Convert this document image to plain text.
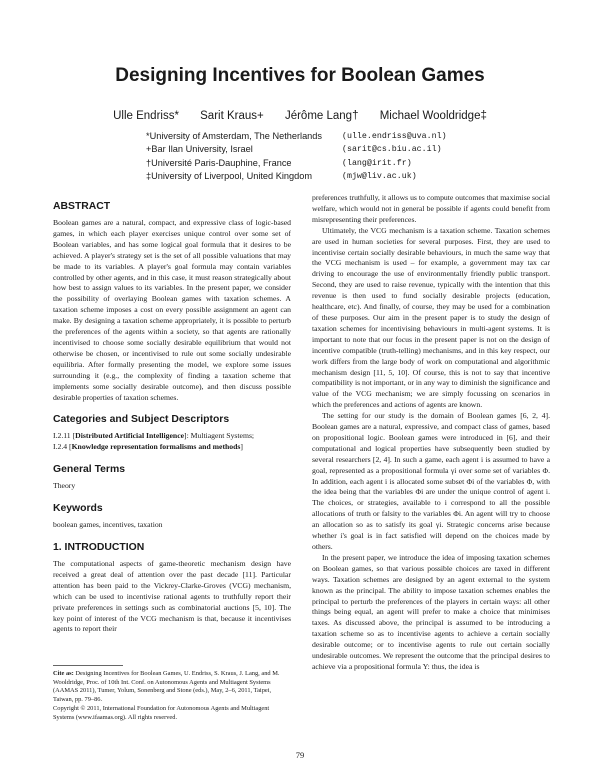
Designing Incentives for Boolean Games
Ulle Endriss* Sarit Kraus+ Jérôme Lang† Michael Wooldridge‡
*University of Amsterdam, The Netherlands	(ulle.endriss@uva.nl)
+Bar Ilan University, Israel	(sarit@cs.biu.ac.il)
†Université Paris-Dauphine, France	(lang@irit.fr)
‡University of Liverpool, United Kingdom	(mjw@liv.ac.uk)
ABSTRACT

Boolean games are a natural, compact, and expressive class of logic-based games, in which each player exercises unique control over some set of Boolean variables, and has some logical goal formula that it desires to be achieved. A player's strategy set is the set of all possible valuations that may be made to its variables. A player's goal formula may contain variables controlled by other agents, and in this case, it must reason strategically about how best to assign values to its variables. In the present paper, we consider the possibility of overlaying Boolean games with taxation schemes. A taxation scheme imposes a cost on every possible assignment an agent can make. By designing a taxation scheme appropriately, it is possible to perturb the preferences of the agents within a society, so that agents are rationally incentivised to choose some socially desirable equilibrium that would not otherwise be chosen, or incentivised to rule out some socially undesirable equilibria. After formally presenting the model, we explore some issues surrounding it (e.g., the complexity of finding a taxation scheme that implements some socially desirable outcome), and then discuss possible desirable properties of taxation schemes.

Categories and Subject Descriptors

I.2.11 [Distributed Artificial Intelligence]: Multiagent Systems;

I.2.4 [Knowledge representation formalisms and methods]

General Terms

Theory

Keywords

boolean games, incentives, taxation

1. INTRODUCTION

The computational aspects of game-theoretic mechanism design have received a great deal of attention over the past decade [11]. Particular attention has been paid to the Vickrey-Clarke-Groves (VCG) mechanism, which can be used to incentivise rational agents to truthfully report their private preferences in settings such as combinatorial auctions [5, 10]. The key point of interest of the VCG mechanism is that, because it incentivises agents to report their

Cite as: Designing Incentives for Boolean Games, U. Endriss, S. Kraus, J. Lang, and M. Wooldridge, Proc. of 10th Int. Conf. on Autonomous Agents and Multiagent Systems (AAMAS 2011), Tumer, Yolum, Sonenberg and Stone (eds.), May, 2–6, 2011, Taipei, Taiwan, pp. 79–86.
Copyright © 2011, International Foundation for Autonomous Agents and Multiagent Systems (www.ifaamas.org). All rights reserved.

preferences truthfully, it allows us to compute outcomes that maximise social welfare, which would not in general be possible if agents could benefit from misrepresenting their preferences.

Ultimately, the VCG mechanism is a taxation scheme. Taxation schemes are used in human societies for several purposes. First, they are used to incentivise certain socially desirable behaviours, in much the same way that the VCG mechanism is used – for example, a government may tax car driving to encourage the use of environmentally friendly public transport. Second, they are used to raise revenue, typically with the intention that this revenue is then used to fund socially desirable projects (education, healthcare, etc). And finally, of course, they may be used for a combination of these purposes. Our aim in the present paper is to study the design of taxation schemes for incentivising behaviours in multi-agent systems. It is important to note that our focus in the present paper is not on the design of incentive compatible (truth-telling) mechanisms, and in this key respect, our work differs from the large body of work on computational and algorithmic mechanism design [11, 5, 10]. Of course, this is not to say that incentive compatibility is not important, or in any way to diminish the significance and value of the VCG mechanism; we are simply focussing on scenarios in which the preferences and actions of agents are known.

The setting for our study is the domain of Boolean games [6, 2, 4]. Boolean games are a natural, expressive, and compact class of games, based on propositional logic. Boolean games were introduced in [6], and their computational and logical properties have subsequently been studied by several researchers [2, 4]. In such a game, each agent i is assumed to have a goal, represented as a propositional formula γi over some set of variables Φ. In addition, each agent i is allocated some subset Φi of the variables Φ, with the idea being that the variables Φi are under the unique control of agent i. The choices, or strategies, available to i correspond to all the possible allocations of truth or falsity to the variables Φi. An agent will try to choose an allocation so as to satisfy its goal γi. Strategic concerns arise because whether i's goal is in fact satisfied will depend on the choices made by others.

In the present paper, we introduce the idea of imposing taxation schemes on Boolean games, so that various possible choices are taxed in different ways. Taxation schemes are designed by an agent external to the system known as the principal. The ability to impose taxation schemes enables the principal to perturb the preferences of the players in certain ways: all other things being equal, an agent will prefer to make a choice that minimises taxes. As discussed above, the principal is assumed to be introducing a taxation scheme so as to incentivise agents to achieve a certain socially desirable outcome; or to incentivise agents to rule out certain socially undesirable outcomes. We represent the outcome that the principal desires to achieve via a propositional formula Υ: thus, the idea is

79
